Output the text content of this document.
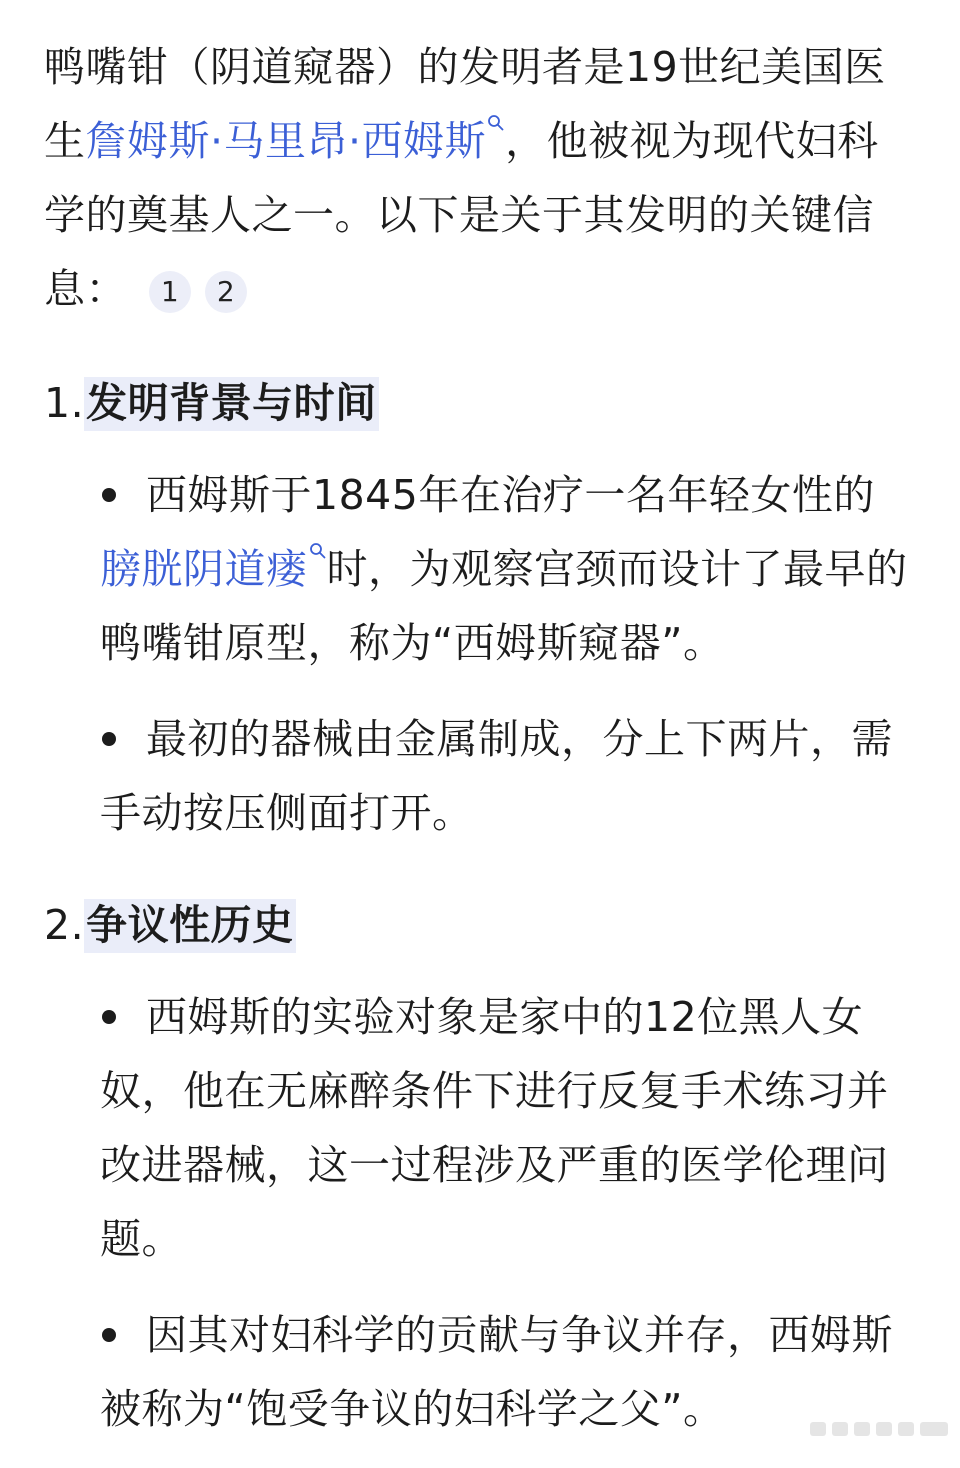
鸭嘴钳（阴道窥器）的发明者是19世纪美国医生詹姆斯·马里昂·西姆斯 ，他被视为现代妇科学的奠基人之一。以下是关于其发明的关键信息： 1 2

1.发明背景与时间
西姆斯于1845年在治疗一名年轻女性的膀胱阴道瘘 时，为观察宫颈而设计了最早的鸭嘴钳原型，称为“西姆斯窥器”。
最初的器械由金属制成，分上下两片，需手动按压侧面打开。
2.争议性历史
西姆斯的实验对象是家中的12位黑人女奴，他在无麻醉条件下进行反复手术练习并改进器械，这一过程涉及严重的医学伦理问题。
因其对妇科学的贡献与争议并存，西姆斯被称为“饱受争议的妇科学之父”。
